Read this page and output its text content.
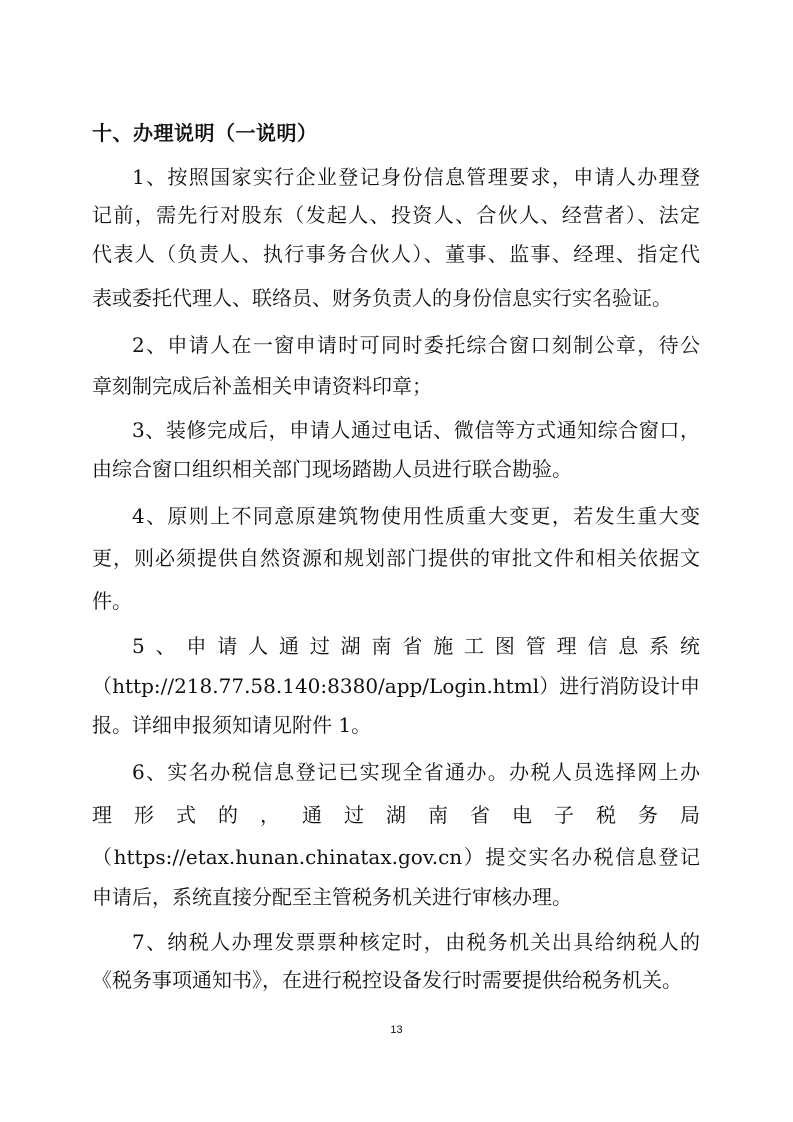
十、办理说明（一说明）
1、按照国家实行企业登记身份信息管理要求，申请人办理登
记前，需先行对股东（发起人、投资人、合伙人、经营者）、法定
代表人（负责人、执行事务合伙人）、董事、监事、经理、指定代
表或委托代理人、联络员、财务负责人的身份信息实行实名验证。
2、申请人在一窗申请时可同时委托综合窗口刻制公章，待公
章刻制完成后补盖相关申请资料印章；
3、装修完成后，申请人通过电话、微信等方式通知综合窗口，
由综合窗口组织相关部门现场踏勘人员进行联合勘验。
4、原则上不同意原建筑物使用性质重大变更，若发生重大变
更，则必须提供自然资源和规划部门提供的审批文件和相关依据文
件。
5、申请人通过湖南省施工图管理信息系统
（http://218.77.58.140:8380/app/Login.html）进行消防设计申
报。详细申报须知请见附件 1。
6、实名办税信息登记已实现全省通办。办税人员选择网上办
理形式的，通过湖南省电子税务局
（https://etax.hunan.chinatax.gov.cn）提交实名办税信息登记
申请后，系统直接分配至主管税务机关进行审核办理。
7、纳税人办理发票票种核定时，由税务机关出具给纳税人的
《税务事项通知书》，在进行税控设备发行时需要提供给税务机关。
13
